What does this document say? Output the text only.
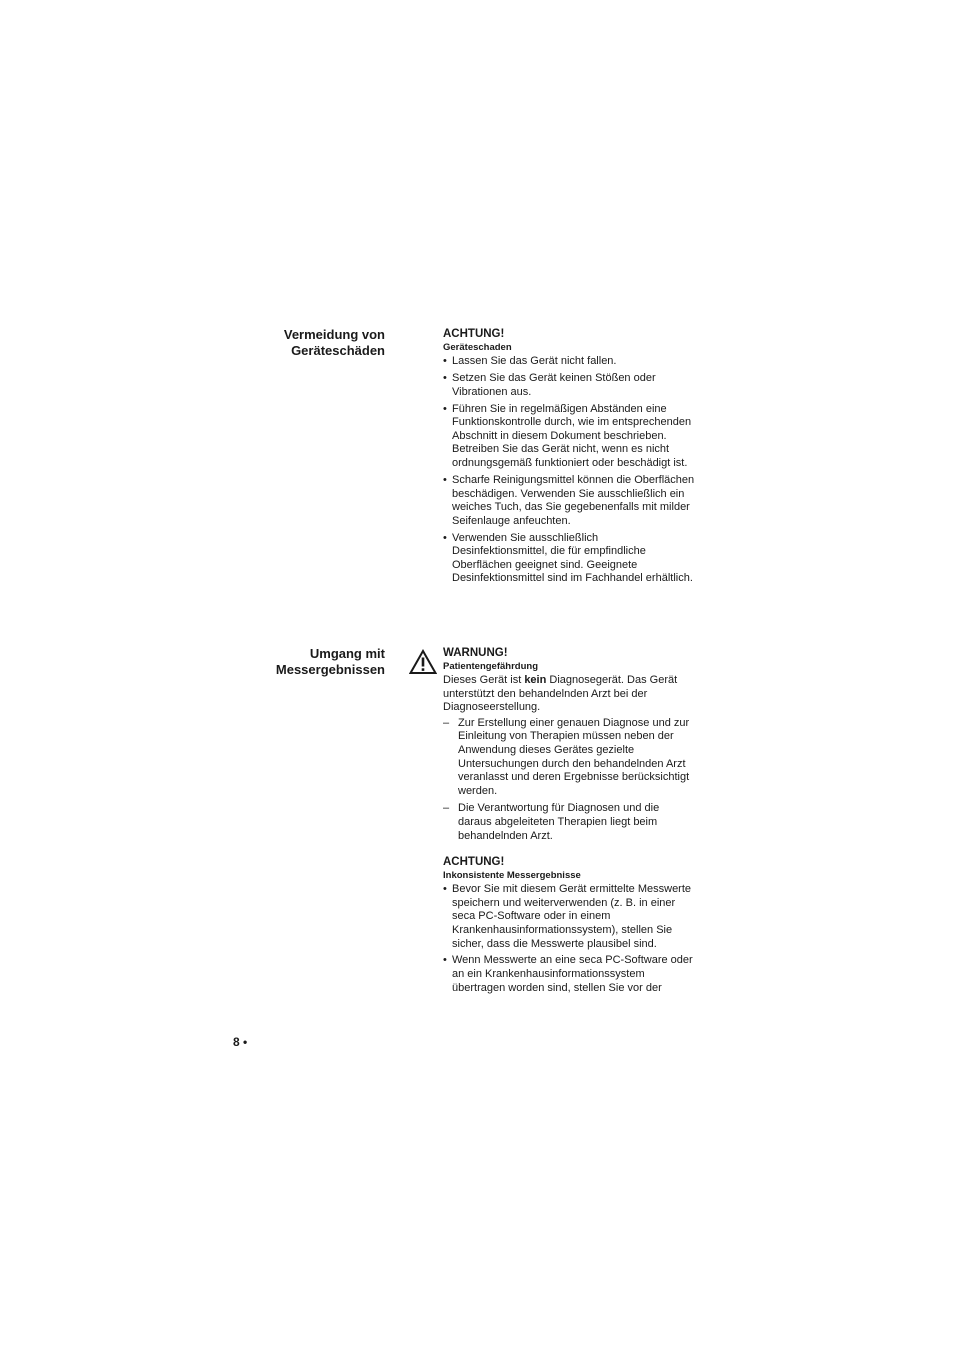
Vermeidung von
Geräteschäden

ACHTUNG!

Geräteschaden

• Lassen Sie das Gerät nicht fallen.
• Setzen Sie das Gerät keinen Stößen oder Vibrationen aus.
• Führen Sie in regelmäßigen Abständen eine Funktionskontrolle durch, wie im entsprechenden Abschnitt in diesem Dokument beschrieben. Betreiben Sie das Gerät nicht, wenn es nicht ordnungsgemäß funktioniert oder beschädigt ist.
• Scharfe Reinigungsmittel können die Oberflächen beschädigen. Verwenden Sie ausschließlich ein weiches Tuch, das Sie gegebenenfalls mit milder Seifenlauge anfeuchten.
• Verwenden Sie ausschließlich Desinfektionsmittel, die für empfindliche Oberflächen geeignet sind. Geeignete Desinfektionsmittel sind im Fachhandel erhältlich.
Umgang mit
Messergebnissen

WARNUNG!

Patientengefährdung

Dieses Gerät ist kein Diagnosegerät. Das Gerät unterstützt den behandelnden Arzt bei der Diagnoseerstellung.

– Zur Erstellung einer genauen Diagnose und zur Einleitung von Therapien müssen neben der Anwendung dieses Gerätes gezielte Untersuchungen durch den behandelnden Arzt veranlasst und deren Ergebnisse berücksichtigt werden.
– Die Verantwortung für Diagnosen und die daraus abgeleiteten Therapien liegt beim behandelnden Arzt.

ACHTUNG!

Inkonsistente Messergebnisse

• Bevor Sie mit diesem Gerät ermittelte Messwerte speichern und weiterverwenden (z. B. in einer seca PC-Software oder in einem Krankenhausinformationssystem), stellen Sie sicher, dass die Messwerte plausibel sind.
• Wenn Messwerte an eine seca PC-Software oder an ein Krankenhausinformationssystem übertragen worden sind, stellen Sie vor der
8 •
